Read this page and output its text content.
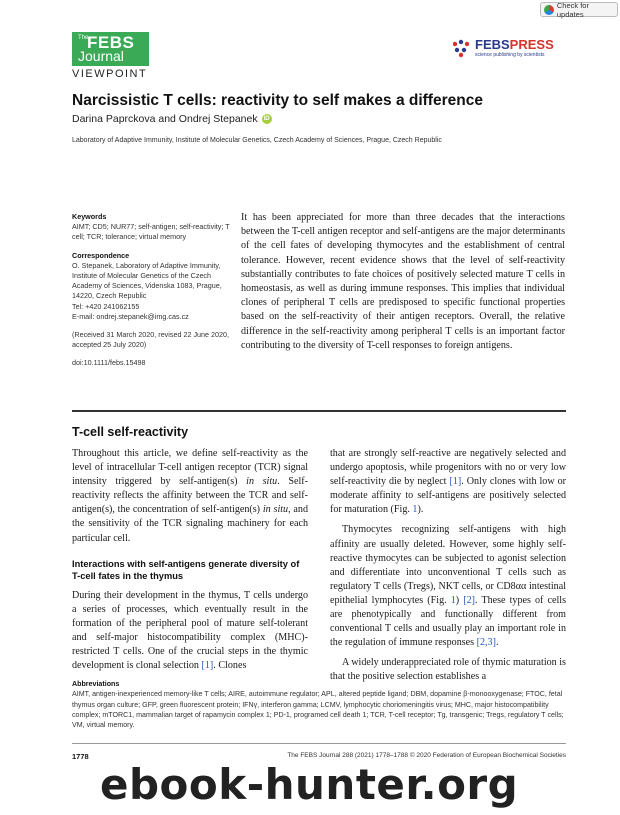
Check for updates
The
FEBS
Journal
VIEWPOINT
FEBSPRESS
science publishing by scientists
Narcissistic T cells: reactivity to self makes a difference
Darina Paprckova and Ondrej Stepanek	iD
Laboratory of Adaptive Immunity, Institute of Molecular Genetics, Czech Academy of Sciences, Prague, Czech Republic
Keywords
AIMT; CD5; NUR77; self-antigen; self-reactivity; T cell; TCR; tolerance; virtual memory
Correspondence
O. Stepanek, Laboratory of Adaptive Immunity, Institute of Molecular Genetics of the Czech Academy of Sciences, Videnska 1083, Prague, 14220, Czech Republic
Tel: +420 241062155
E-mail: ondrej.stepanek@img.cas.cz
(Received 31 March 2020, revised 22 June 2020, accepted 25 July 2020)
doi:10.1111/febs.15498
It has been appreciated for more than three decades that the interactions between the T-cell antigen receptor and self-antigens are the major determinants of the cell fates of developing thymocytes and the establishment of central tolerance. However, recent evidence shows that the level of self-reactivity substantially contributes to fate choices of positively selected mature T cells in homeostasis, as well as during immune responses. This implies that individual clones of peripheral T cells are predisposed to specific functional properties based on the self-reactivity of their antigen receptors. Overall, the relative difference in the self-reactivity among peripheral T cells is an important factor contributing to the diversity of T-cell responses to foreign antigens.
T-cell self-reactivity

Throughout this article, we define self-reactivity as the level of intracellular T-cell antigen receptor (TCR) signal intensity triggered by self-antigen(s) in situ. Self-reactivity reflects the affinity between the TCR and self-antigen(s), the concentration of self-antigen(s) in situ, and the sensitivity of the TCR signaling machinery for each particular cell.

Interactions with self-antigens generate diversity of T-cell fates in the thymus

During their development in the thymus, T cells undergo a series of processes, which eventually result in the formation of the peripheral pool of mature self-tolerant and self-major histocompatibility complex (MHC)-restricted T cells. One of the crucial steps in the thymic development is clonal selection [1]. Clones

that are strongly self-reactive are negatively selected and undergo apoptosis, while progenitors with no or very low self-reactivity die by neglect [1]. Only clones with low or moderate affinity to self-antigens are positively selected for maturation (Fig. 1).

Thymocytes recognizing self-antigens with high affinity are usually deleted. However, some highly self-reactive thymocytes can be subjected to agonist selection and differentiate into unconventional T cells such as regulatory T cells (Tregs), NKT cells, or CD8αα intestinal epithelial lymphocytes (Fig. 1) [2]. These types of cells are phenotypically and functionally different from conventional T cells and usually play an important role in the regulation of immune responses [2,3].

A widely underappreciated role of thymic maturation is that the positive selection establishes a

Abbreviations
AIMT, antigen-inexperienced memory-like T cells; AIRE, autoimmune regulator; APL, altered peptide ligand; DBM, dopamine β-monooxygenase; FTOC, fetal thymus organ culture; GFP, green fluorescent protein; IFNγ, interferon gamma; LCMV, lymphocytic choriomeningitis virus; MHC, major histocompatibility complex; mTORC1, mammalian target of rapamycin complex 1; PD-1, programed cell death 1; TCR, T-cell receptor; Tg, transgenic; Tregs, regulatory T cells; VM, virtual memory.
1778	The FEBS Journal 288 (2021) 1778–1788 © 2020 Federation of European Biochemical Societies
ebook-hunter.org
